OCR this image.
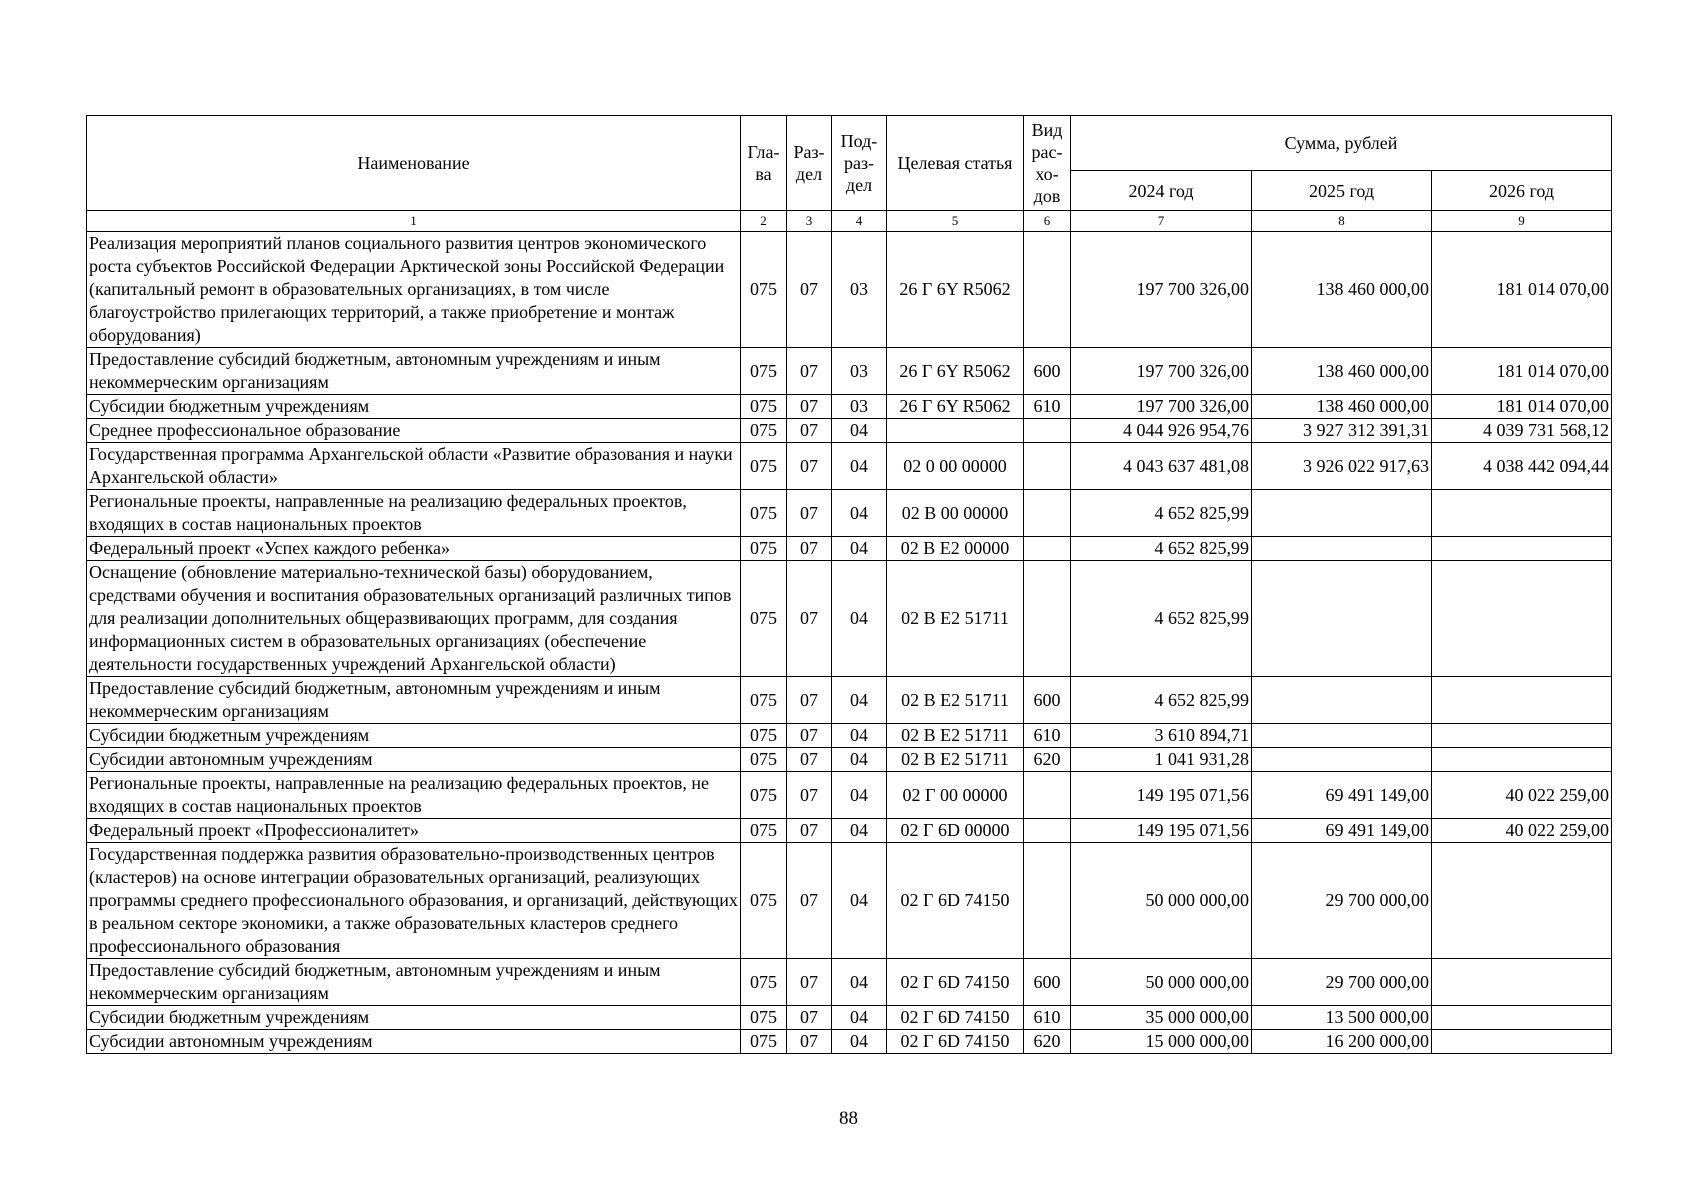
Наименование	Гла-ва	Раз-дел	Под-раз-дел	Целевая статья	Вид рас-хо-дов	Сумма, рублей		
						2024 год	2025 год	2026 год
1	2	3	4	5	6	7	8	9
Реализация мероприятий планов социального развития центров экономического роста субъектов Российской Федерации Арктической зоны Российской Федерации (капитальный ремонт в образовательных организациях, в том числе благоустройство прилегающих территорий, а также приобретение и монтаж оборудования)	075	07	03	26 Г 6Y R5062		197 700 326,00	138 460 000,00	181 014 070,00
Предоставление субсидий бюджетным, автономным учреждениям и иным некоммерческим организациям	075	07	03	26 Г 6Y R5062	600	197 700 326,00	138 460 000,00	181 014 070,00
Субсидии бюджетным учреждениям	075	07	03	26 Г 6Y R5062	610	197 700 326,00	138 460 000,00	181 014 070,00
Среднее профессиональное образование	075	07	04			4 044 926 954,76	3 927 312 391,31	4 039 731 568,12
Государственная программа Архангельской области «Развитие образования и науки Архангельской области»	075	07	04	02 0 00 00000		4 043 637 481,08	3 926 022 917,63	4 038 442 094,44
Региональные проекты, направленные на реализацию федеральных проектов, входящих в состав национальных проектов	075	07	04	02 В 00 00000		4 652 825,99		
Федеральный проект «Успех каждого ребенка»	075	07	04	02 В Е2 00000		4 652 825,99		
Оснащение (обновление материально-технической базы) оборудованием, средствами обучения и воспитания образовательных организаций различных типов для реализации дополнительных общеразвивающих программ, для создания информационных систем в образовательных организациях (обеспечение деятельности государственных учреждений Архангельской области)	075	07	04	02 В Е2 51711		4 652 825,99		
Предоставление субсидий бюджетным, автономным учреждениям и иным некоммерческим организациям	075	07	04	02 В Е2 51711	600	4 652 825,99		
Субсидии бюджетным учреждениям	075	07	04	02 В Е2 51711	610	3 610 894,71		
Субсидии автономным учреждениям	075	07	04	02 В Е2 51711	620	1 041 931,28		
Региональные проекты, направленные на реализацию федеральных проектов, не входящих в состав национальных проектов	075	07	04	02 Г 00 00000		149 195 071,56	69 491 149,00	40 022 259,00
Федеральный проект «Профессионалитет»	075	07	04	02 Г 6D 00000		149 195 071,56	69 491 149,00	40 022 259,00
Государственная поддержка развития образовательно-производственных центров (кластеров) на основе интеграции образовательных организаций, реализующих программы среднего профессионального образования, и организаций, действующих в реальном секторе экономики, а также образовательных кластеров среднего профессионального образования	075	07	04	02 Г 6D 74150		50 000 000,00	29 700 000,00	
Предоставление субсидий бюджетным, автономным учреждениям и иным некоммерческим организациям	075	07	04	02 Г 6D 74150	600	50 000 000,00	29 700 000,00	
Субсидии бюджетным учреждениям	075	07	04	02 Г 6D 74150	610	35 000 000,00	13 500 000,00	
Субсидии автономным учреждениям	075	07	04	02 Г 6D 74150	620	15 000 000,00	16 200 000,00	
88
